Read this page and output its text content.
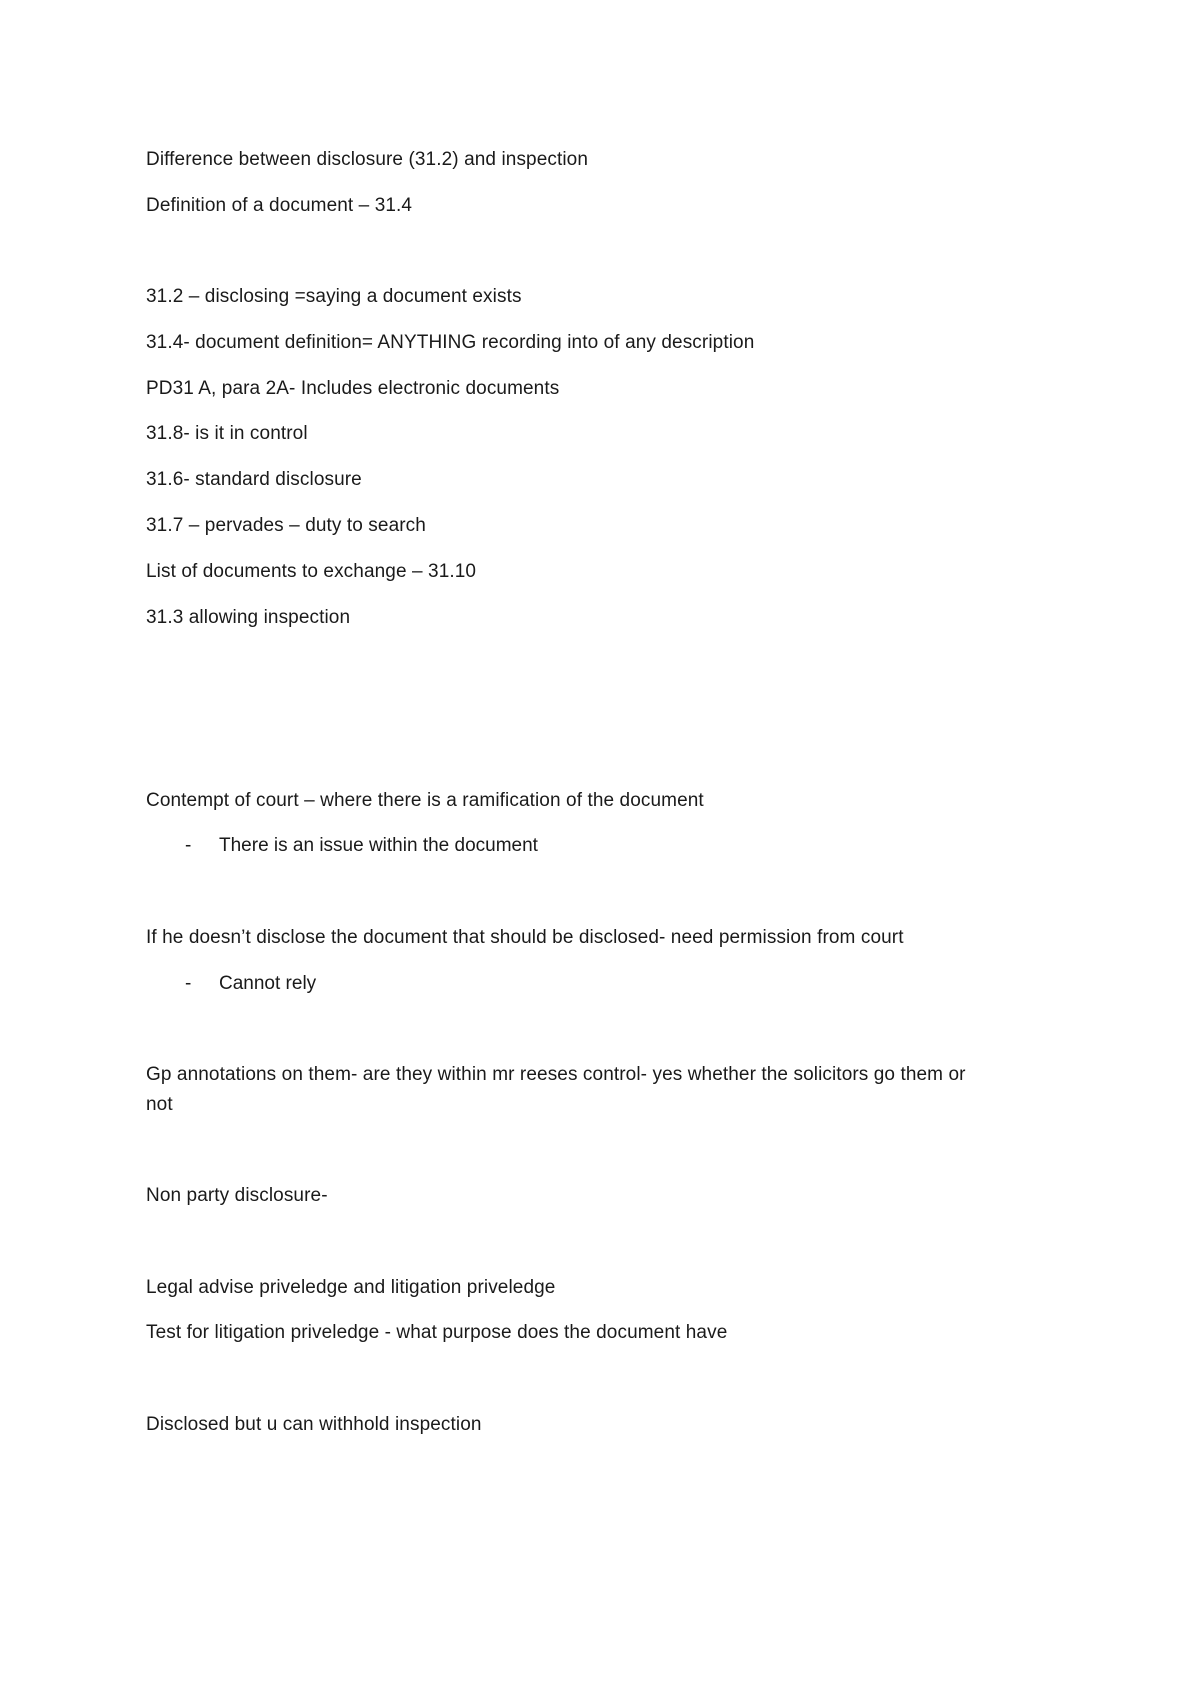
Difference between disclosure (31.2) and inspection
Definition of a document – 31.4
31.2 – disclosing =saying a document exists
31.4- document definition= ANYTHING recording into of any description
PD31 A, para 2A- Includes electronic documents
31.8- is it in control
31.6- standard disclosure
31.7 – pervades – duty to search
List of documents to exchange – 31.10
31.3 allowing inspection
Contempt of court – where there is a ramification of the document
- There is an issue within the document
If he doesn’t disclose the document that should be disclosed- need permission from court
- Cannot rely
Gp annotations on them- are they within mr reeses control- yes whether the solicitors go them or
not
Non party disclosure-
Legal advise priveledge and litigation priveledge
Test for litigation priveledge - what purpose does the document have
Disclosed but u can withhold inspection
